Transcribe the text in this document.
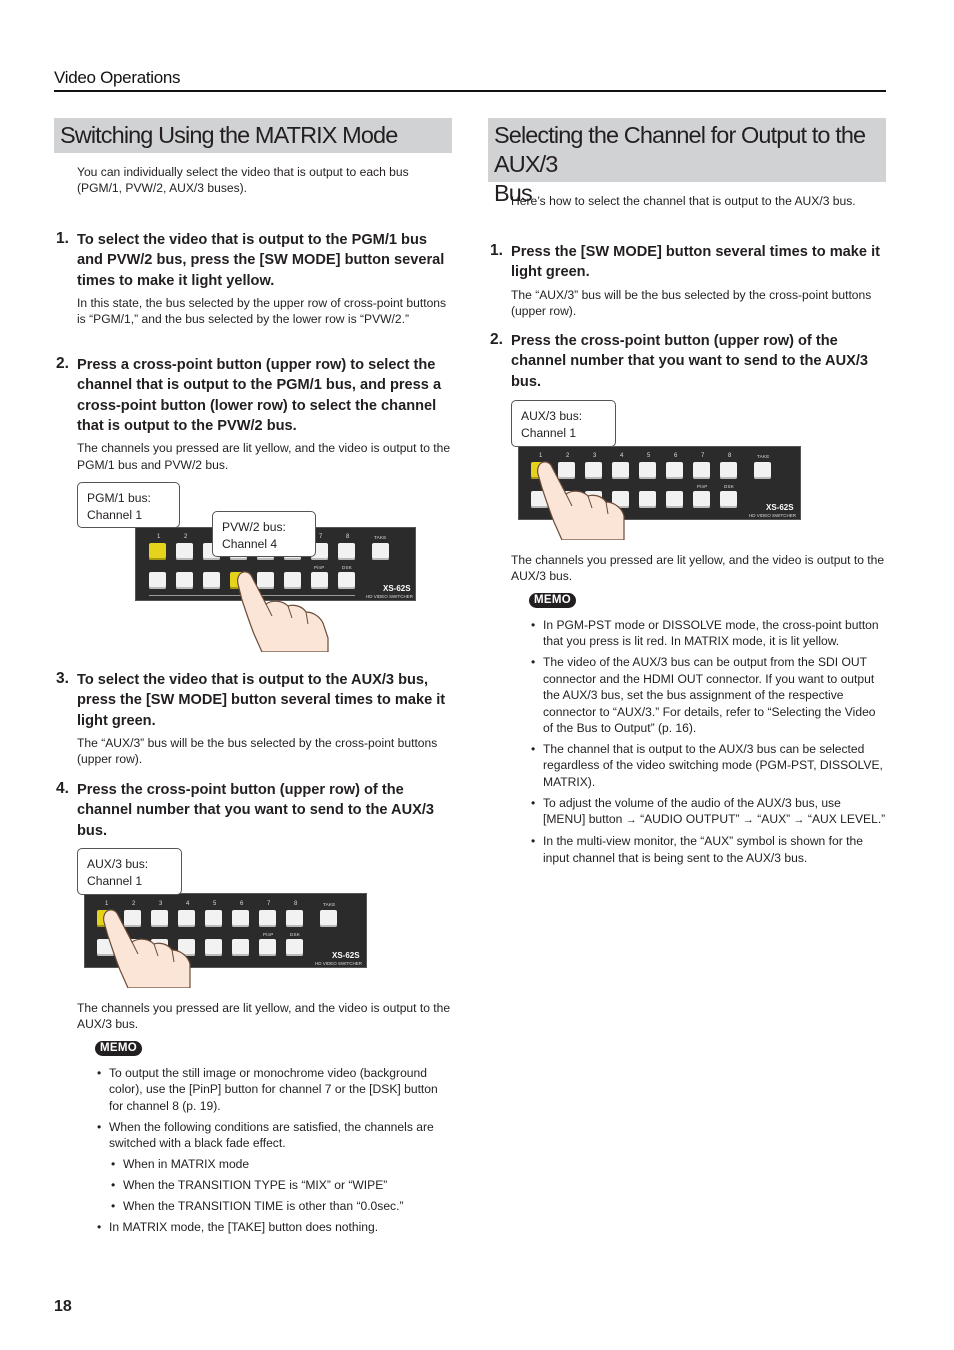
Video Operations
Switching Using the MATRIX Mode
You can individually select the video that is output to each bus (PGM/1, PVW/2, AUX/3 buses).
1. To select the video that is output to the PGM/1 bus and PVW/2 bus, press the [SW MODE] button several times to make it light yellow.
In this state, the bus selected by the upper row of cross-point buttons is “PGM/1,” and the bus selected by the lower row is “PVW/2.”
2. Press a cross-point button (upper row) to select the channel that is output to the PGM/1 bus, and press a cross-point button (lower row) to select the channel that is output to the PVW/2 bus.
The channels you pressed are lit yellow, and the video is output to the PGM/1 bus and PVW/2 bus.
1	2	7	8	TAKE
PinP	DSK
XS-62S
HD VIDEO SWITCHER
PGM/1 bus:
Channel 1
PVW/2 bus:
Channel 4
3. To select the video that is output to the AUX/3 bus, press the [SW MODE] button several times to make it light green.
The “AUX/3” bus will be the bus selected by the cross-point buttons (upper row).
4. Press the cross-point button (upper row) of the channel number that you want to send to the AUX/3 bus.
1	2	3	4	5	6	7	8	TAKE
PinP	DSK
XS-62S
HD VIDEO SWITCHER
AUX/3 bus:
Channel 1
The channels you pressed are lit yellow, and the video is output to the AUX/3 bus.
MEMO
• To output the still image or monochrome video (background color), use the [PinP] button for channel 7 or the [DSK] button for channel 8 (p. 19).
• When the following conditions are satisfied, the channels are switched with a black fade effect.
• When in MATRIX mode
• When the TRANSITION TYPE is “MIX” or “WIPE”
• When the TRANSITION TIME is other than “0.0sec.”
• In MATRIX mode, the [TAKE] button does nothing.
Selecting the Channel for Output to the AUX/3
Bus
Here’s how to select the channel that is output to the AUX/3 bus.
1. Press the [SW MODE] button several times to make it light green.
The “AUX/3” bus will be the bus selected by the cross-point buttons (upper row).
2. Press the cross-point button (upper row) of the channel number that you want to send to the AUX/3 bus.
1	2	3	4	5	6	7	8	TAKE
PinP	DSK
XS-62S
HD VIDEO SWITCHER
AUX/3 bus:
Channel 1
The channels you pressed are lit yellow, and the video is output to the AUX/3 bus.
MEMO
• In PGM-PST mode or DISSOLVE mode, the cross-point button that you press is lit red. In MATRIX mode, it is lit yellow.
• The video of the AUX/3 bus can be output from the SDI OUT connector and the HDMI OUT connector. If you want to output the AUX/3 bus, set the bus assignment of the respective connector to “AUX/3.” For details, refer to “Selecting the Video of the Bus to Output” (p. 16).
• The channel that is output to the AUX/3 bus can be selected regardless of the video switching mode (PGM-PST, DISSOLVE, MATRIX).
• To adjust the volume of the audio of the AUX/3 bus, use [MENU] button → “AUDIO OUTPUT” → “AUX” → “AUX LEVEL.”
• In the multi-view monitor, the “AUX” symbol is shown for the input channel that is being sent to the AUX/3 bus.
18
